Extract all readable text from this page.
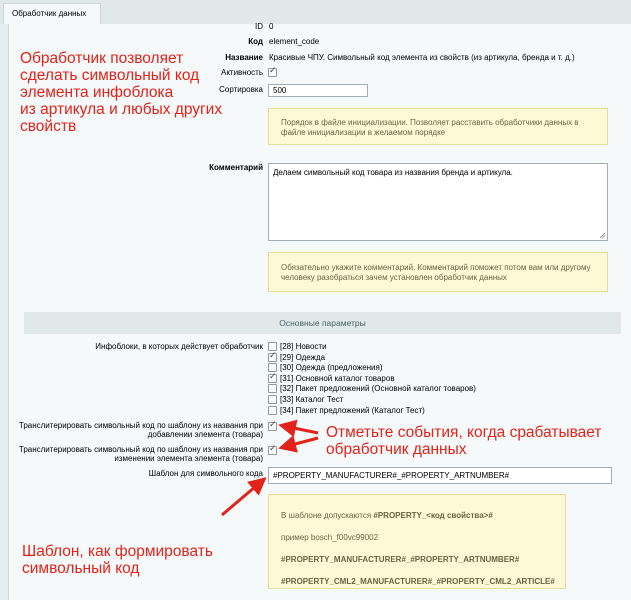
Обработчик данных
ID 0
Код element_code
Название Красивые ЧПУ. Символьный код элемента из свойств (из артикула, бренда и т. д.)
Активность
✓
Сортировка
500
Порядок в файле инициализации. Позволяет расставить обработчики данных в файле инициализации в желаемом порядке
Комментарий
Делаем символьный код товара из названия бренда и артикула.
Обязательно укажите комментарий. Комментарий поможет потом вам или другому человеку разобраться зачем установлен обработчик данных
Основные параметры
Инфоблоки, в которых действует обработчик [28] Новости
✓
[29] Одежда
[30] Одежда (предложения)
✓
[31] Основной каталог товаров
[32] Пакет предложений (Основной каталог товаров)
[33] Каталог Тест
[34] Пакет предложений (Каталог Тест)
Транслитерировать символьный код по шаблону из названия при
добавлении элемента (товара)
✓
Транслитерировать символьный код по шаблону из названия при
изменении элемента элемента (товара)
✓
Шаблон для символьного кода
#PROPERTY_MANUFACTURER#_#PROPERTY_ARTNUMBER#
В шаблоне допускаются #PROPERTY_<код свойства>#
пример bosch_f00vc99002
#PROPERTY_MANUFACTURER#_#PROPERTY_ARTNUMBER#
#PROPERTY_CML2_MANUFACTURER#_#PROPERTY_CML2_ARTICLE#
Обработчик позволяет
сделать символьный код
элемента инфоблока
из артикула и любых других
свойств
Отметьте события, когда срабатывает
обработчик данных
Шаблон, как формировать
символьный код
